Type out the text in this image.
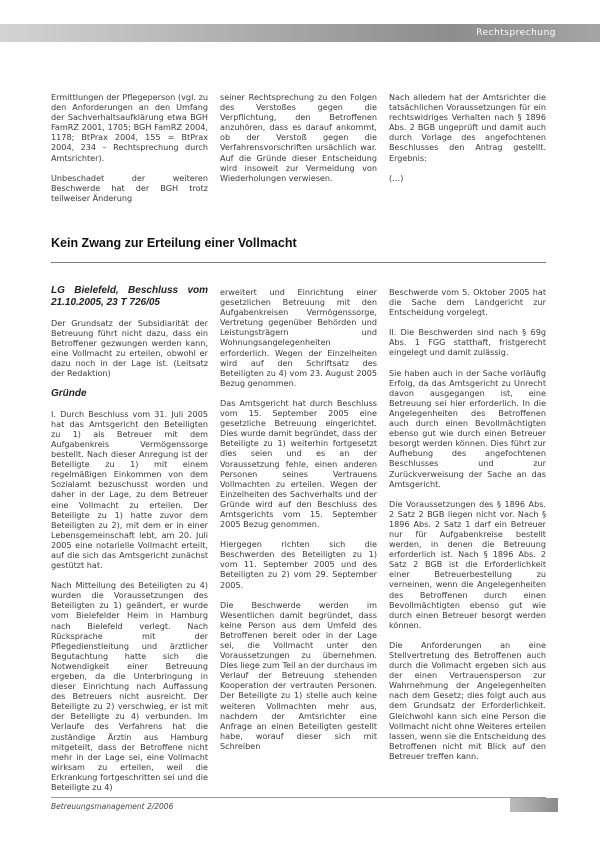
Rechtsprechung

Ermittlungen der Pflegeperson (vgl. zu den Anforderungen an den Umfang der Sachverhaltsaufklärung etwa BGH FamRZ 2001, 1705; BGH FamRZ 2004, 1178; BtPrax 2004, 155 = BtPrax 2004, 234 – Rechtsprechung durch Amtsrichter).

Unbeschadet der weiteren Beschwerde hat der BGH trotz teilweiser Änderung

seiner Rechtsprechung zu den Folgen des Verstoßes gegen die Verpflichtung, den Betroffenen anzuhören, dass es darauf ankommt, ob der Verstoß gegen die Verfahrensvorschriften ursächlich war. Auf die Gründe dieser Entscheidung wird insoweit zur Vermeidung von Wiederholungen verwiesen.

Nach alledem hat der Amtsrichter die tatsächlichen Voraussetzungen für ein rechtswidriges Verhalten nach § 1896 Abs. 2 BGB ungeprüft und damit auch durch Vorlage des angefochtenen Beschlusses den Antrag gestellt. Ergebnis:

(…)

Kein Zwang zur Erteilung einer Vollmacht

LG Bielefeld, Beschluss vom 21.10.2005, 23 T 726/05

Der Grundsatz der Subsidiarität der Betreuung führt nicht dazu, dass ein Betroffener gezwungen werden kann, eine Vollmacht zu erteilen, obwohl er dazu noch in der Lage ist. (Leitsatz der Redaktion)

Gründe

I. Durch Beschluss vom 31. Juli 2005 hat das Amtsgericht den Beteiligten zu 1) als Betreuer mit dem Aufgabenkreis Vermögenssorge bestellt. Nach dieser Anregung ist der Beteiligte zu 1) mit einem regelmäßigen Einkommen von dem Sozialamt bezuschusst worden und daher in der Lage, zu dem Betreuer eine Vollmacht zu erteilen. Der Beteiligte zu 1) hatte zuvor dem Beteiligten zu 2), mit dem er in einer Lebensgemeinschaft lebt, am 20. Juli 2005 eine notarielle Vollmacht erteilt, auf die sich das Amtsgericht zunächst gestützt hat.

Nach Mitteilung des Beteiligten zu 4) wurden die Voraussetzungen des Beteiligten zu 1) geändert, er wurde vom Bielefelder Heim in Hamburg nach Bielefeld verlegt. Nach Rücksprache mit der Pflegedienstleitung und ärztlicher Begutachtung hatte sich die Notwendigkeit einer Betreuung ergeben, da die Unterbringung in dieser Einrichtung nach Auffassung des Betreuers nicht ausreicht. Der Beteiligte zu 2) verschwieg, er ist mit der Beteiligte zu 4) verbunden. Im Verlaufe des Verfahrens hat die zuständige Ärztin aus Hamburg mitgeteilt, dass der Betroffene nicht mehr in der Lage sei, eine Vollmacht wirksam zu erteilen, weil die Erkrankung fortgeschritten sei und die Beteiligte zu 4)

erweitert und Einrichtung einer gesetzlichen Betreuung mit den Aufgabenkreisen Vermögenssorge, Vertretung gegenüber Behörden und Leistungsträgern und Wohnungsangelegenheiten erforderlich. Wegen der Einzelheiten wird auf den Schriftsatz des Beteiligten zu 4) vom 23. August 2005 Bezug genommen.

Das Amtsgericht hat durch Beschluss vom 15. September 2005 eine gesetzliche Betreuung eingerichtet. Dies wurde damit begründet, dass der Beteiligte zu 1) weiterhin fortgesetzt dies seien und es an der Voraussetzung fehle, einen anderen Personen seines Vertrauens Vollmachten zu erteilen. Wegen der Einzelheiten des Sachverhalts und der Gründe wird auf den Beschluss des Amtsgerichts vom 15. September 2005 Bezug genommen.

Hiergegen richten sich die Beschwerden des Beteiligten zu 1) vom 11. September 2005 und des Beteiligten zu 2) vom 29. September 2005.

Die Beschwerde werden im Wesentlichen damit begründet, dass keine Person aus dem Umfeld des Betroffenen bereit oder in der Lage sei, die Vollmacht unter den Voraussetzungen zu übernehmen. Dies liege zum Teil an der durchaus im Verlauf der Betreuung stehenden Kooperation der vertrauten Personen. Der Beteiligte zu 1) stelle auch keine weiteren Vollmachten mehr aus, nachdem der Amtsrichter eine Anfrage an einen Beteiligten gestellt habe, worauf dieser sich mit Schreiben

Beschwerde vom 5. Oktober 2005 hat die Sache dem Landgericht zur Entscheidung vorgelegt.

II. Die Beschwerden sind nach § 69g Abs. 1 FGG statthaft, fristgerecht eingelegt und damit zulässig.

Sie haben auch in der Sache vorläufig Erfolg, da das Amtsgericht zu Unrecht davon ausgegangen ist, eine Betreuung sei hier erforderlich. In die Angelegenheiten des Betroffenen auch durch einen Bevollmächtigten ebenso gut wie durch einen Betreuer besorgt werden können. Dies führt zur Aufhebung des angefochtenen Beschlusses und zur Zurückverweisung der Sache an das Amtsgericht.

Die Voraussetzungen des § 1896 Abs. 2 Satz 2 BGB liegen nicht vor. Nach § 1896 Abs. 2 Satz 1 darf ein Betreuer nur für Aufgabenkreise bestellt werden, in denen die Betreuung erforderlich ist. Nach § 1896 Abs. 2 Satz 2 BGB ist die Erforderlichkeit einer Betreuerbestellung zu verneinen, wenn die Angelegenheiten des Betroffenen durch einen Bevollmächtigten ebenso gut wie durch einen Betreuer besorgt werden können.

Die Anforderungen an eine Stellvertretung des Betroffenen auch durch die Vollmacht ergeben sich aus der einen Vertrauensperson zur Wahrnehmung der Angelegenheiten nach dem Gesetz; dies folgt auch aus dem Grundsatz der Erforderlichkeit. Gleichwohl kann sich eine Person die Vollmacht nicht ohne Weiteres erteilen lassen, wenn sie die Entscheidung des Betroffenen nicht mit Blick auf den Betreuer treffen kann.

Betreuungsmanagement 2/2006
